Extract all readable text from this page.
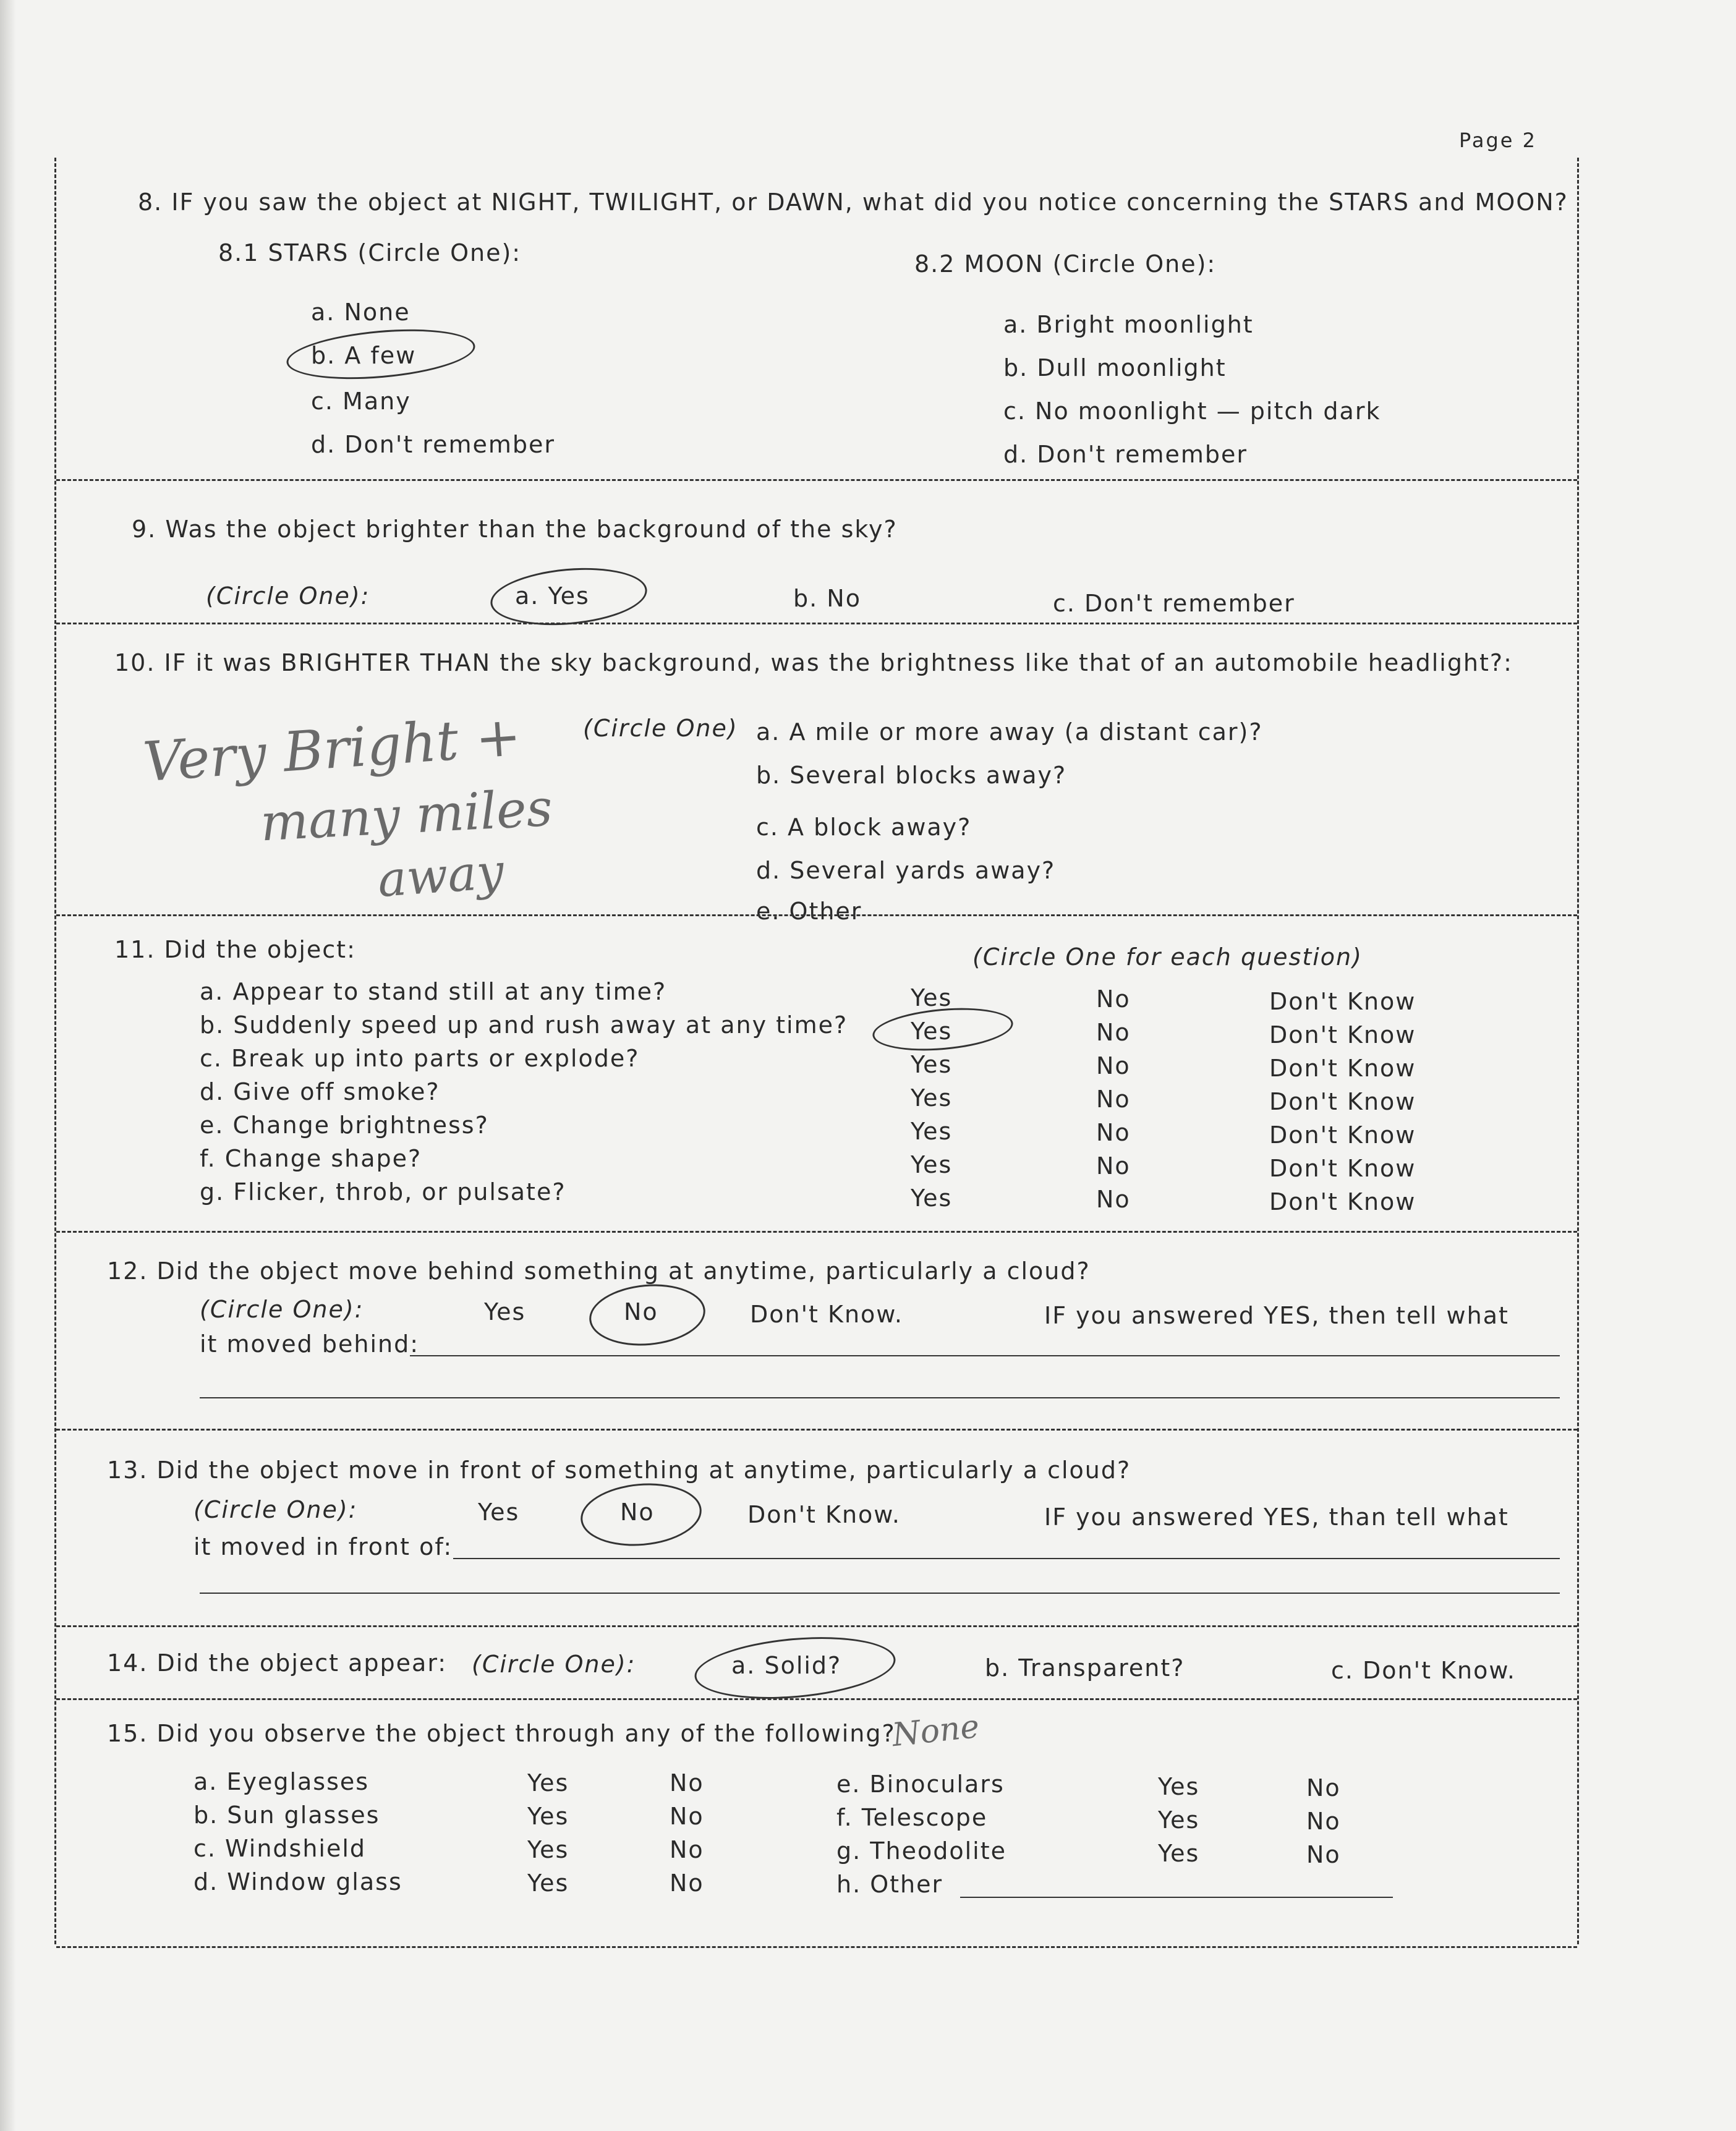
Page 2
8. IF you saw the object at NIGHT, TWILIGHT, or DAWN, what did you notice concerning the STARS and MOON?
8.1 STARS (Circle One):
a. None
b. A few
c. Many
d. Don't remember
8.2 MOON (Circle One):
a. Bright moonlight
b. Dull moonlight
c. No moonlight — pitch dark
d. Don't remember
9. Was the object brighter than the background of the sky?
(Circle One):	a. Yes	b. No	c. Don't remember
10. IF it was BRIGHTER THAN the sky background, was the brightness like that of an automobile headlight?:
(Circle One) a. A mile or more away (a distant car)?
b. Several blocks away?
c. A block away?
d. Several yards away?
e. Other
Very Bright +
many miles
away
11. Did the object:	(Circle One for each question)
a. Appear to stand still at any time?	Yes	No	Don't Know
b. Suddenly speed up and rush away at any time?	Yes	No	Don't Know
c. Break up into parts or explode?	Yes	No	Don't Know
d. Give off smoke?	Yes	No	Don't Know
e. Change brightness?	Yes	No	Don't Know
f. Change shape?	Yes	No	Don't Know
g. Flicker, throb, or pulsate?	Yes	No	Don't Know
12. Did the object move behind something at anytime, particularly a cloud?
(Circle One):	Yes	No	Don't Know.	IF you answered YES, then tell what
it moved behind:
13. Did the object move in front of something at anytime, particularly a cloud?
(Circle One):	Yes	No	Don't Know.	IF you answered YES, than tell what
it moved in front of:
14. Did the object appear: (Circle One):	a. Solid?	b. Transparent?	c. Don't Know.
15. Did you observe the object through any of the following?
None
a. Eyeglasses	Yes	No
b. Sun glasses	Yes	No
c. Windshield	Yes	No
d. Window glass	Yes	No
e. Binoculars	Yes	No
f. Telescope	Yes	No
g. Theodolite	Yes	No
h. Other
